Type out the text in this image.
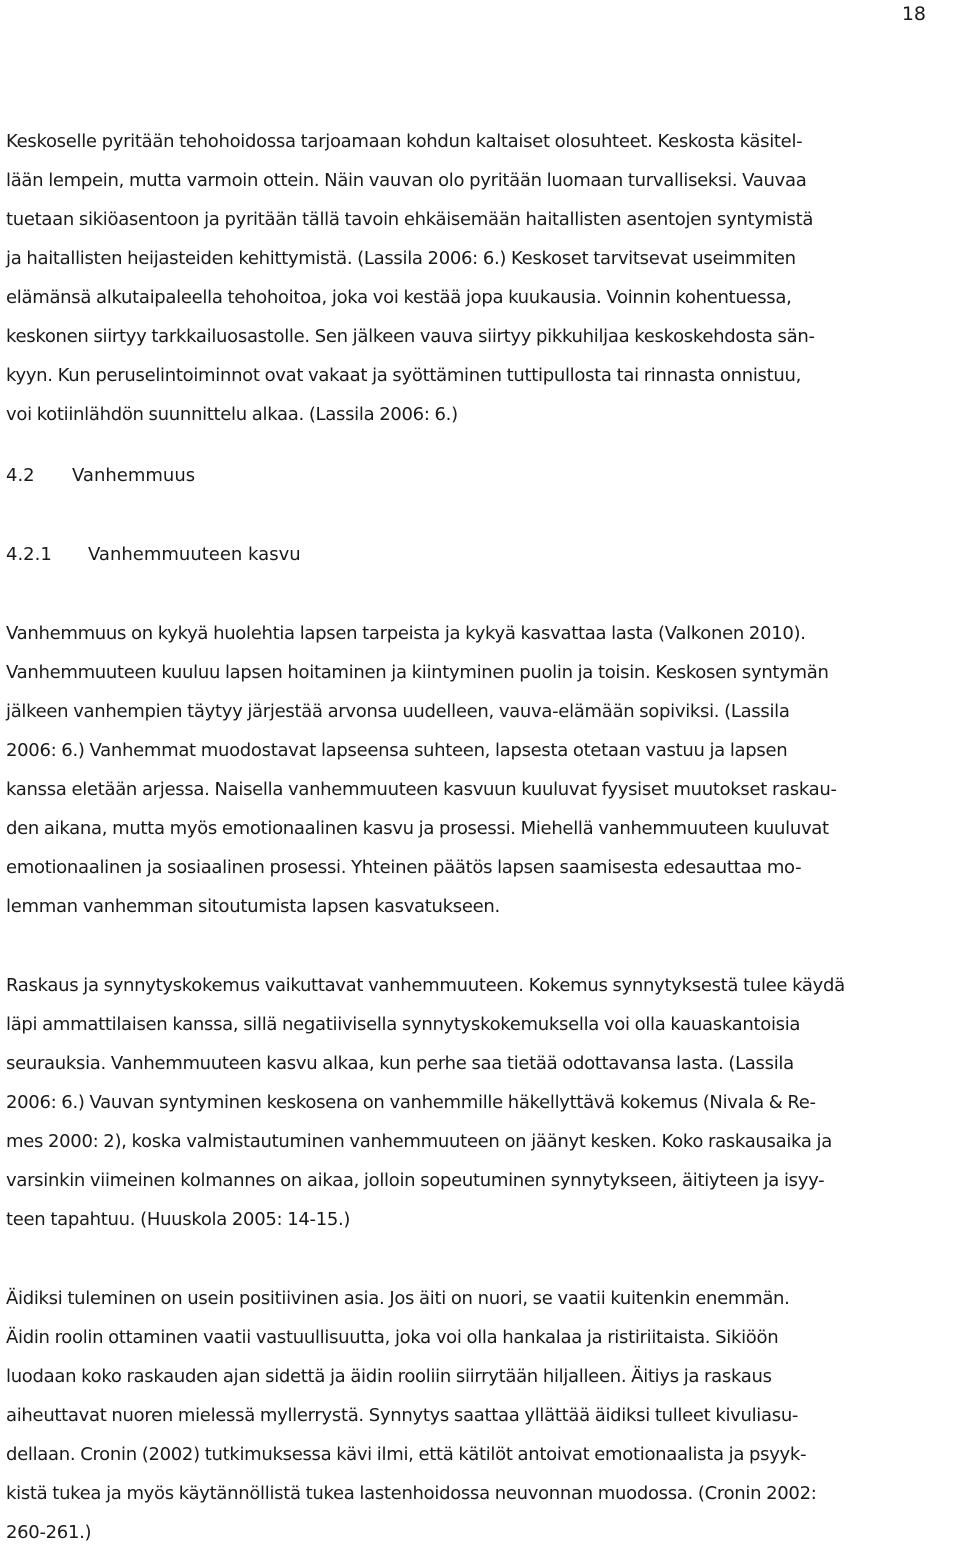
18
Keskoselle pyritään tehohoidossa tarjoamaan kohdun kaltaiset olosuhteet. Keskosta käsitel-
lään lempein, mutta varmoin ottein. Näin vauvan olo pyritään luomaan turvalliseksi. Vauvaa
tuetaan sikiöasentoon ja pyritään tällä tavoin ehkäisemään haitallisten asentojen syntymistä
ja haitallisten heijasteiden kehittymistä. (Lassila 2006: 6.) Keskoset tarvitsevat useimmiten
elämänsä alkutaipaleella tehohoitoa, joka voi kestää jopa kuukausia. Voinnin kohentuessa,
keskonen siirtyy tarkkailuosastolle. Sen jälkeen vauva siirtyy pikkuhiljaa keskoskehdosta sän-
kyyn. Kun peruselintoiminnot ovat vakaat ja syöttäminen tuttipullosta tai rinnasta onnistuu,
voi kotiinlähdön suunnittelu alkaa. (Lassila 2006: 6.)
4.2	Vanhemmuus
4.2.1	Vanhemmuuteen kasvu
Vanhemmuus on kykyä huolehtia lapsen tarpeista ja kykyä kasvattaa lasta (Valkonen 2010).
Vanhemmuuteen kuuluu lapsen hoitaminen ja kiintyminen puolin ja toisin. Keskosen syntymän
jälkeen vanhempien täytyy järjestää arvonsa uudelleen, vauva-elämään sopiviksi. (Lassila
2006: 6.) Vanhemmat muodostavat lapseensa suhteen, lapsesta otetaan vastuu ja lapsen
kanssa eletään arjessa. Naisella vanhemmuuteen kasvuun kuuluvat fyysiset muutokset raskau-
den aikana, mutta myös emotionaalinen kasvu ja prosessi. Miehellä vanhemmuuteen kuuluvat
emotionaalinen ja sosiaalinen prosessi. Yhteinen päätös lapsen saamisesta edesauttaa mo-
lemman vanhemman sitoutumista lapsen kasvatukseen.
Raskaus ja synnytyskokemus vaikuttavat vanhemmuuteen. Kokemus synnytyksestä tulee käydä
läpi ammattilaisen kanssa, sillä negatiivisella synnytyskokemuksella voi olla kauaskantoisia
seurauksia. Vanhemmuuteen kasvu alkaa, kun perhe saa tietää odottavansa lasta. (Lassila
2006: 6.) Vauvan syntyminen keskosena on vanhemmille häkellyttävä kokemus (Nivala & Re-
mes 2000: 2), koska valmistautuminen vanhemmuuteen on jäänyt kesken. Koko raskausaika ja
varsinkin viimeinen kolmannes on aikaa, jolloin sopeutuminen synnytykseen, äitiyteen ja isyy-
teen tapahtuu. (Huuskola 2005: 14-15.)
Äidiksi tuleminen on usein positiivinen asia. Jos äiti on nuori, se vaatii kuitenkin enemmän.
Äidin roolin ottaminen vaatii vastuullisuutta, joka voi olla hankalaa ja ristiriitaista. Sikiöön
luodaan koko raskauden ajan sidettä ja äidin rooliin siirrytään hiljalleen. Äitiys ja raskaus
aiheuttavat nuoren mielessä myllerrystä. Synnytys saattaa yllättää äidiksi tulleet kivuliasu-
dellaan. Cronin (2002) tutkimuksessa kävi ilmi, että kätilöt antoivat emotionaalista ja psyyk-
kistä tukea ja myös käytännöllistä tukea lastenhoidossa neuvonnan muodossa. (Cronin 2002:
260-261.)
